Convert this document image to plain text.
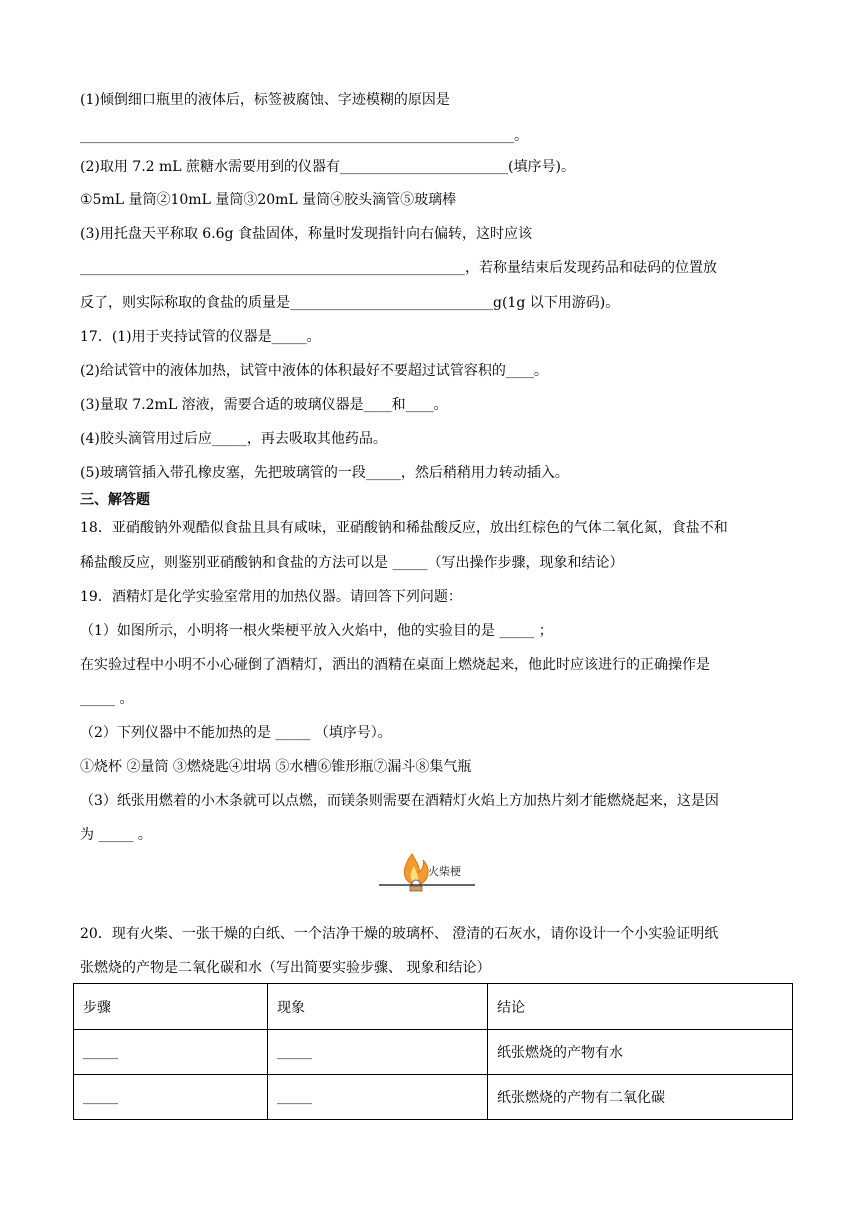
(1)倾倒细口瓶里的液体后，标签被腐蚀、字迹模糊的原因是
______________________________________________________________。
(2)取用 7.2 mL 蔗糖水需要用到的仪器有________________________(填序号)。
①5mL 量筒②10mL 量筒③20mL 量筒④胶头滴管⑤玻璃棒
(3)用托盘天平称取 6.6g 食盐固体，称量时发现指针向右偏转，这时应该
_______________________________________________________，若称量结束后发现药品和砝码的位置放
反了，则实际称取的食盐的质量是_____________________________g(1g 以下用游码)。
17．(1)用于夹持试管的仪器是_____。
(2)给试管中的液体加热，试管中液体的体积最好不要超过试管容积的____。
(3)量取 7.2mL 溶液，需要合适的玻璃仪器是____和____。
(4)胶头滴管用过后应_____，再去吸取其他药品。
(5)玻璃管插入带孔橡皮塞，先把玻璃管的一段_____，然后稍稍用力转动插入。
三、解答题
18．亚硝酸钠外观酷似食盐且具有咸味，亚硝酸钠和稀盐酸反应，放出红棕色的气体二氧化氮，食盐不和
稀盐酸反应，则鉴别亚硝酸钠和食盐的方法可以是 _____（写出操作步骤，现象和结论）
19．酒精灯是化学实验室常用的加热仪器。请回答下列问题：
（1）如图所示，小明将一根火柴梗平放入火焰中，他的实验目的是 _____ ；
在实验过程中小明不小心碰倒了酒精灯，洒出的酒精在桌面上燃烧起来，他此时应该进行的正确操作是
_____ 。
（2）下列仪器中不能加热的是 _____ （填序号）。
①烧杯 ②量筒 ③燃烧匙④坩埚 ⑤水槽⑥锥形瓶⑦漏斗⑧集气瓶
（3）纸张用燃着的小木条就可以点燃，而镁条则需要在酒精灯火焰上方加热片刻才能燃烧起来，这是因
为 _____ 。
火柴梗
20．现有火柴、一张干燥的白纸、一个洁净干燥的玻璃杯、 澄清的石灰水，请你设计一个小实验证明纸
张燃烧的产物是二氧化碳和水（写出简要实验步骤、 现象和结论）
步骤	现象	结论
_____	_____	纸张燃烧的产物有水
_____	_____	纸张燃烧的产物有二氧化碳
